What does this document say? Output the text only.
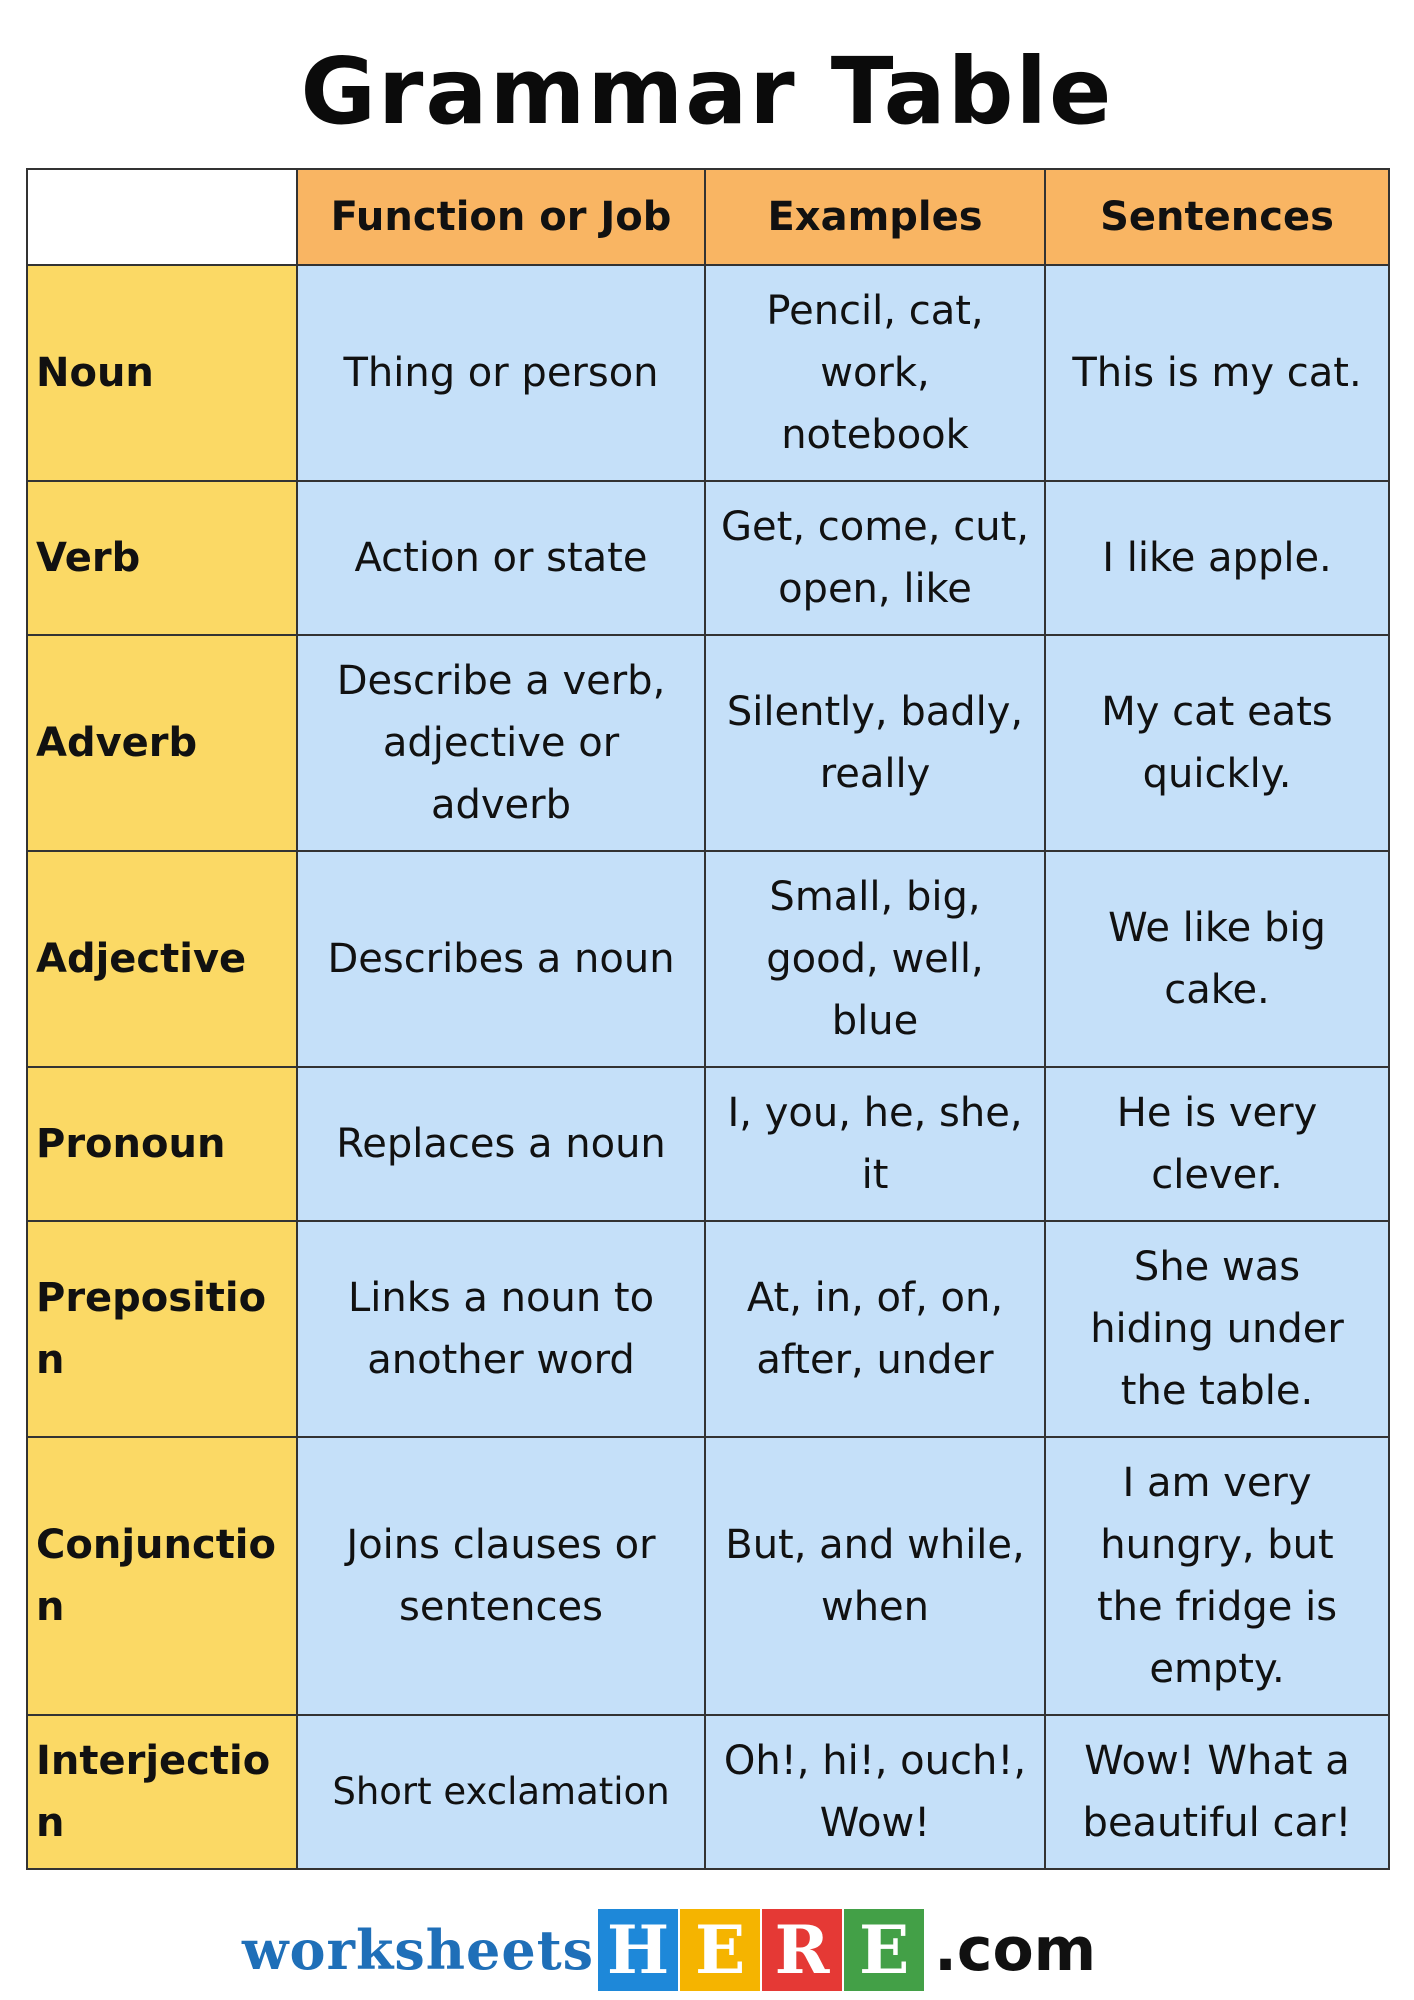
Grammar Table
	Function or Job	Examples	Sentences
Noun	Thing or person	Pencil, cat, work, notebook	This is my cat.
Verb	Action or state	Get, come, cut, open, like	I like apple.
Adverb	Describe a verb, adjective or adverb	Silently, badly, really	My cat eats quickly.
Adjective	Describes a noun	Small, big, good, well, blue	We like big cake.
Pronoun	Replaces a noun	I, you, he, she, it	He is very clever.
Preposition	Links a noun to another word	At, in, of, on, after, under	She was hiding under the table.
Conjunction	Joins clauses or sentences	But, and while, when	I am very hungry, but the fridge is empty.
Interjection	Short exclamation	Oh!, hi!, ouch!, Wow!	Wow! What a beautiful car!
worksheets H E R E .com
